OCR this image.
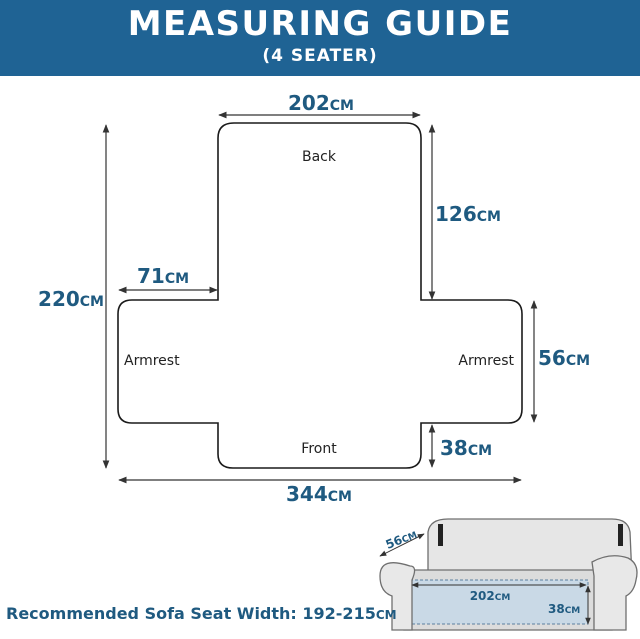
MEASURING GUIDE
(4 SEATER)
Back
Front
Armrest	Armrest
202CM
126CM
220CM
71CM
56CM
38CM
344CM
56CM
202CM
38CM
Recommended Sofa Seat Width: 192-215CM
